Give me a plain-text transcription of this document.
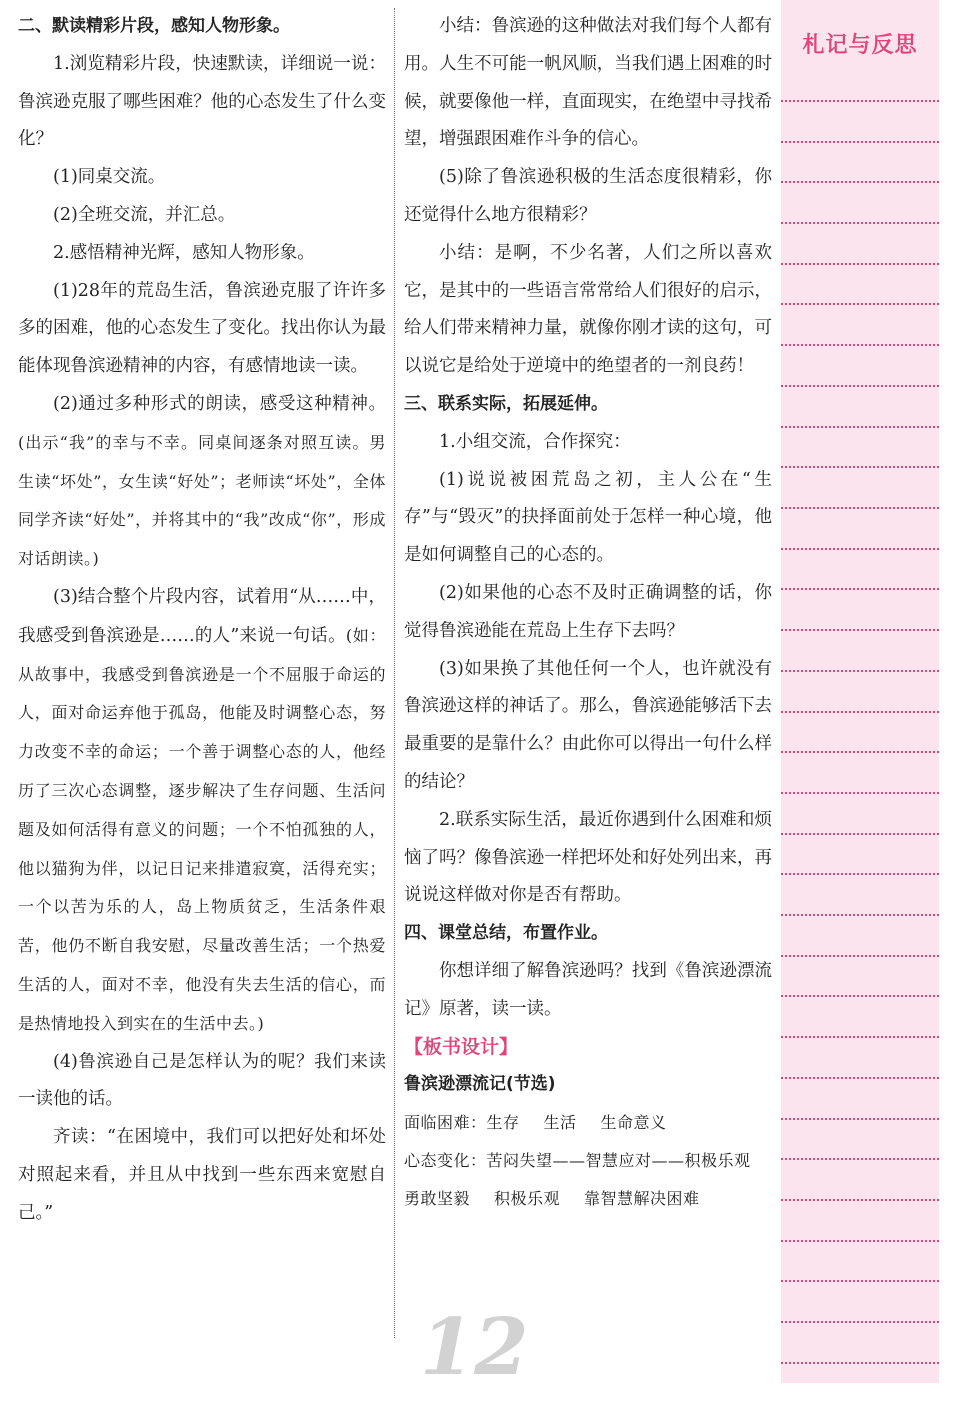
二、默读精彩片段，感知人物形象。

1.浏览精彩片段，快速默读，详细说一说：鲁滨逊克服了哪些困难？他的心态发生了什么变化？

(1)同桌交流。

(2)全班交流，并汇总。

2.感悟精神光辉，感知人物形象。

(1)28年的荒岛生活，鲁滨逊克服了许许多多的困难，他的心态发生了变化。找出你认为最能体现鲁滨逊精神的内容，有感情地读一读。

(2)通过多种形式的朗读，感受这种精神。(出示“我”的幸与不幸。同桌间逐条对照互读。男生读“坏处”，女生读“好处”；老师读“坏处”，全体同学齐读“好处”，并将其中的“我”改成“你”，形成对话朗读。)

(3)结合整个片段内容，试着用“从……中，我感受到鲁滨逊是……的人”来说一句话。(如：从故事中，我感受到鲁滨逊是一个不屈服于命运的人，面对命运弃他于孤岛，他能及时调整心态，努力改变不幸的命运；一个善于调整心态的人，他经历了三次心态调整，逐步解决了生存问题、生活问题及如何活得有意义的问题；一个不怕孤独的人，他以猫狗为伴，以记日记来排遣寂寞，活得充实；一个以苦为乐的人，岛上物质贫乏，生活条件艰苦，他仍不断自我安慰，尽量改善生活；一个热爱生活的人，面对不幸，他没有失去生活的信心，而是热情地投入到实在的生活中去。)

(4)鲁滨逊自己是怎样认为的呢？我们来读一读他的话。

齐读：“在困境中，我们可以把好处和坏处对照起来看，并且从中找到一些东西来宽慰自己。”

小结：鲁滨逊的这种做法对我们每个人都有用。人生不可能一帆风顺，当我们遇上困难的时候，就要像他一样，直面现实，在绝望中寻找希望，增强跟困难作斗争的信心。

(5)除了鲁滨逊积极的生活态度很精彩，你还觉得什么地方很精彩？

小结：是啊，不少名著，人们之所以喜欢它，是其中的一些语言常常给人们很好的启示，给人们带来精神力量，就像你刚才读的这句，可以说它是给处于逆境中的绝望者的一剂良药！

三、联系实际，拓展延伸。

1.小组交流，合作探究：

(1)说说被困荒岛之初，主人公在“生存”与“毁灭”的抉择面前处于怎样一种心境，他是如何调整自己的心态的。

(2)如果他的心态不及时正确调整的话，你觉得鲁滨逊能在荒岛上生存下去吗？

(3)如果换了其他任何一个人，也许就没有鲁滨逊这样的神话了。那么，鲁滨逊能够活下去最重要的是靠什么？由此你可以得出一句什么样的结论？

2.联系实际生活，最近你遇到什么困难和烦恼了吗？像鲁滨逊一样把坏处和好处列出来，再说说这样做对你是否有帮助。

四、课堂总结，布置作业。

你想详细了解鲁滨逊吗？找到《鲁滨逊漂流记》原著，读一读。

【板书设计】

鲁滨逊漂流记(节选)

面临困难：生存 生活 生命意义

心态变化：苦闷失望——智慧应对——积极乐观

勇敢坚毅 积极乐观 靠智慧解决困难

札记与反思
12
